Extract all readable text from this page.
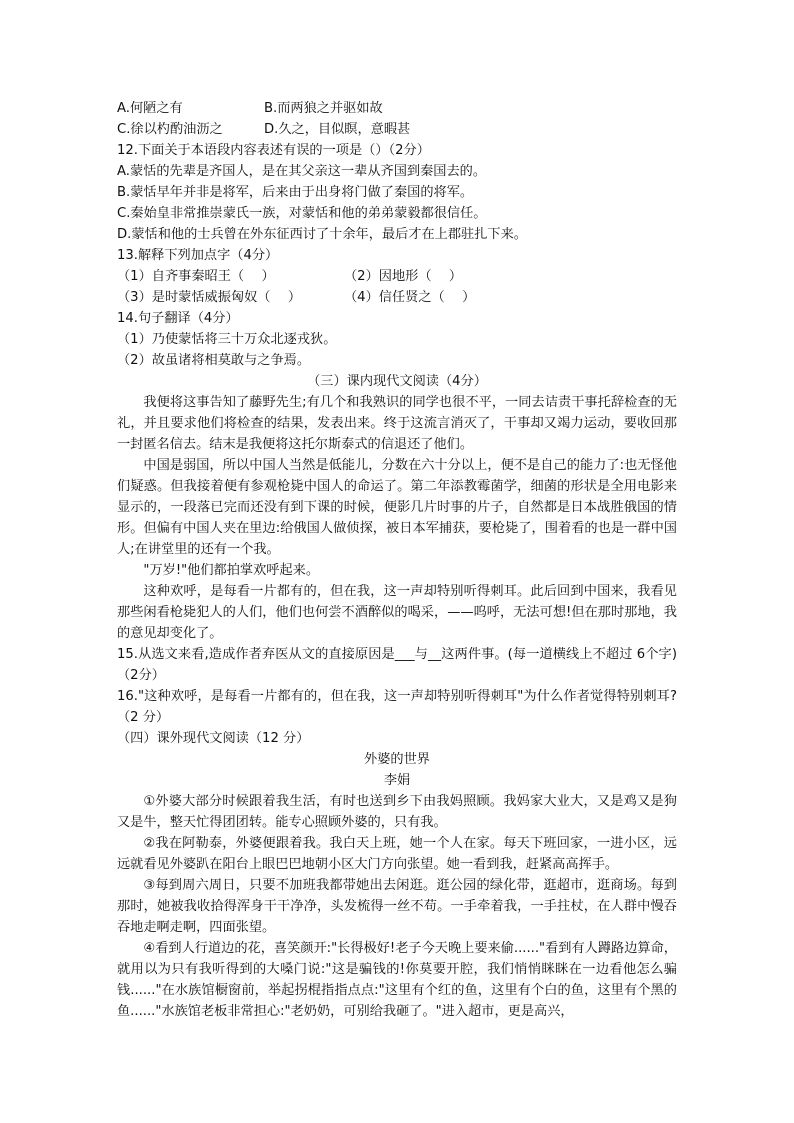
A.何陋之有	B.而两狼之并驱如故
C.徐以杓酌油沥之	D.久之，目似瞑，意暇甚
12.下面关于本语段内容表述有误的一项是（）（2分）
A.蒙恬的先辈是齐国人，是在其父亲这一辈从齐国到秦国去的。
B.蒙恬早年并非是将军，后来由于出身将门做了秦国的将军。
C.秦始皇非常推崇蒙氏一族，对蒙恬和他的弟弟蒙毅都很信任。
D.蒙恬和他的士兵曾在外东征西讨了十余年，最后才在上郡驻扎下来。
13.解释下列加点字（4分）
（1）自齐事秦昭王（　 ）	（2）因地形（　 ）
（3）是时蒙恬威振匈奴（　 ）	（4）信任贤之（　 ）
14.句子翻译（4分）
（1）乃使蒙恬将三十万众北逐戎狄。
（2）故虽诸将相莫敢与之争焉。
（三）课内现代文阅读（4分）
我便将这事告知了藤野先生;有几个和我熟识的同学也很不平，一同去诘责干事托辞检查的无礼，并且要求他们将检查的结果，发表出来。终于这流言消灭了，干事却又竭力运动，要收回那一封匿名信去。结末是我便将这托尔斯泰式的信退还了他们。
中国是弱国，所以中国人当然是低能儿，分数在六十分以上，便不是自己的能力了:也无怪他们疑惑。但我接着便有参观枪毙中国人的命运了。第二年添教霉菌学，细菌的形状是全用电影来显示的，一段落已完而还没有到下课的时候，便影几片时事的片子，自然都是日本战胜俄国的情形。但偏有中国人夹在里边:给俄国人做侦探，被日本军捕获，要枪毙了，围着看的也是一群中国人;在讲堂里的还有一个我。
"万岁!"他们都拍掌欢呼起来。
这种欢呼，是每看一片都有的，但在我，这一声却特别听得刺耳。此后回到中国来，我看见那些闲看枪毙犯人的人们，他们也何尝不酒醉似的喝采，——呜呼，无法可想!但在那时那地，我的意见却变化了。
15.从选文来看,造成作者弃医从文的直接原因是___与__这两件事。(每一道横线上不超过 6个字)（2分）
16."这种欢呼，是每看一片都有的，但在我，这一声却特别听得刺耳"为什么作者觉得特别刺耳?（2 分）
（四）课外现代文阅读（12 分）
外婆的世界
李娟
①外婆大部分时候跟着我生活，有时也送到乡下由我妈照顾。我妈家大业大，又是鸡又是狗又是牛，整天忙得团团转。能专心照顾外婆的，只有我。
②我在阿勒泰，外婆便跟着我。我白天上班，她一个人在家。每天下班回家，一进小区，远远就看见外婆趴在阳台上眼巴巴地朝小区大门方向张望。她一看到我，赶紧高高挥手。
③每到周六周日，只要不加班我都带她出去闲逛。逛公园的绿化带，逛超市，逛商场。每到那时，她被我收拾得浑身干干净净，头发梳得一丝不苟。一手牵着我，一手拄杖，在人群中慢吞吞地走啊走啊，四面张望。
④看到人行道边的花，喜笑颜开:"长得极好!老子今天晚上要来偷......"看到有人蹲路边算命，就用以为只有我听得到的大嗓门说:"这是骗钱的!你莫要开腔，我们悄悄眯眯在一边看他怎么骗钱......"在水族馆橱窗前，举起拐棍指指点点:"这里有个红的鱼，这里有个白的鱼，这里有个黑的鱼......"水族馆老板非常担心:"老奶奶，可别给我砸了。"进入超市，更是高兴，
